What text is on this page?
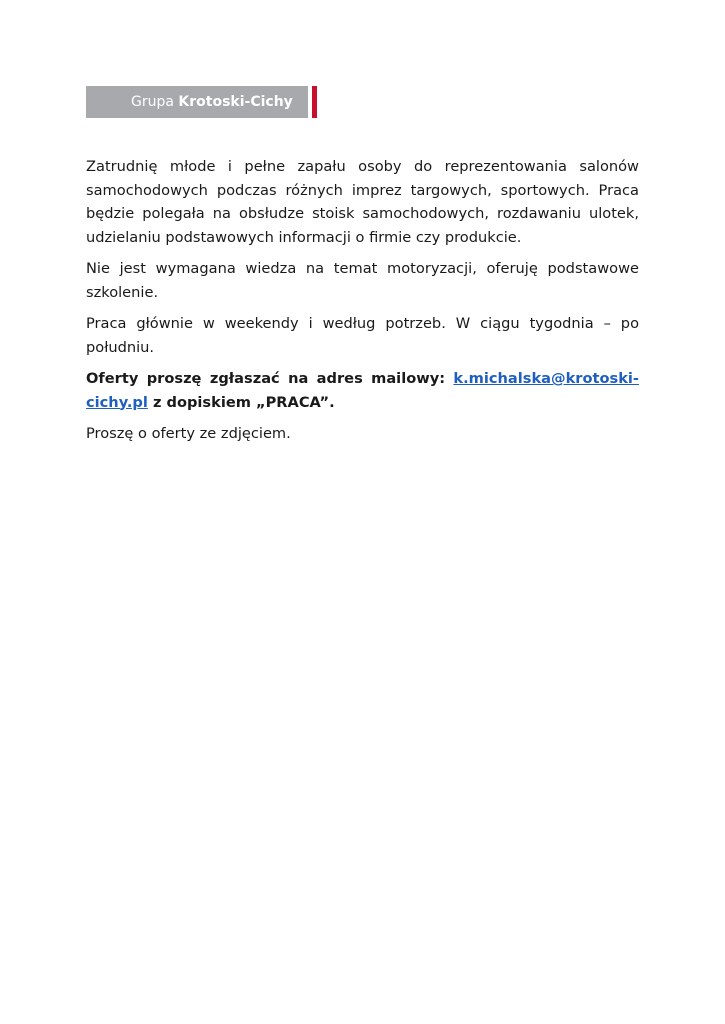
Grupa Krotoski-Cichy

Zatrudnię młode i pełne zapału osoby do reprezentowania salonów samochodowych podczas różnych imprez targowych, sportowych. Praca będzie polegała na obsłudze stoisk samochodowych, rozdawaniu ulotek, udzielaniu podstawowych informacji o firmie czy produkcie.

Nie jest wymagana wiedza na temat motoryzacji, oferuję podstawowe szkolenie.

Praca głównie w weekendy i według potrzeb. W ciągu tygodnia – po południu.

Oferty proszę zgłaszać na adres mailowy: k.michalska@krotoski-cichy.pl z dopiskiem „PRACA”.

Proszę o oferty ze zdjęciem.
